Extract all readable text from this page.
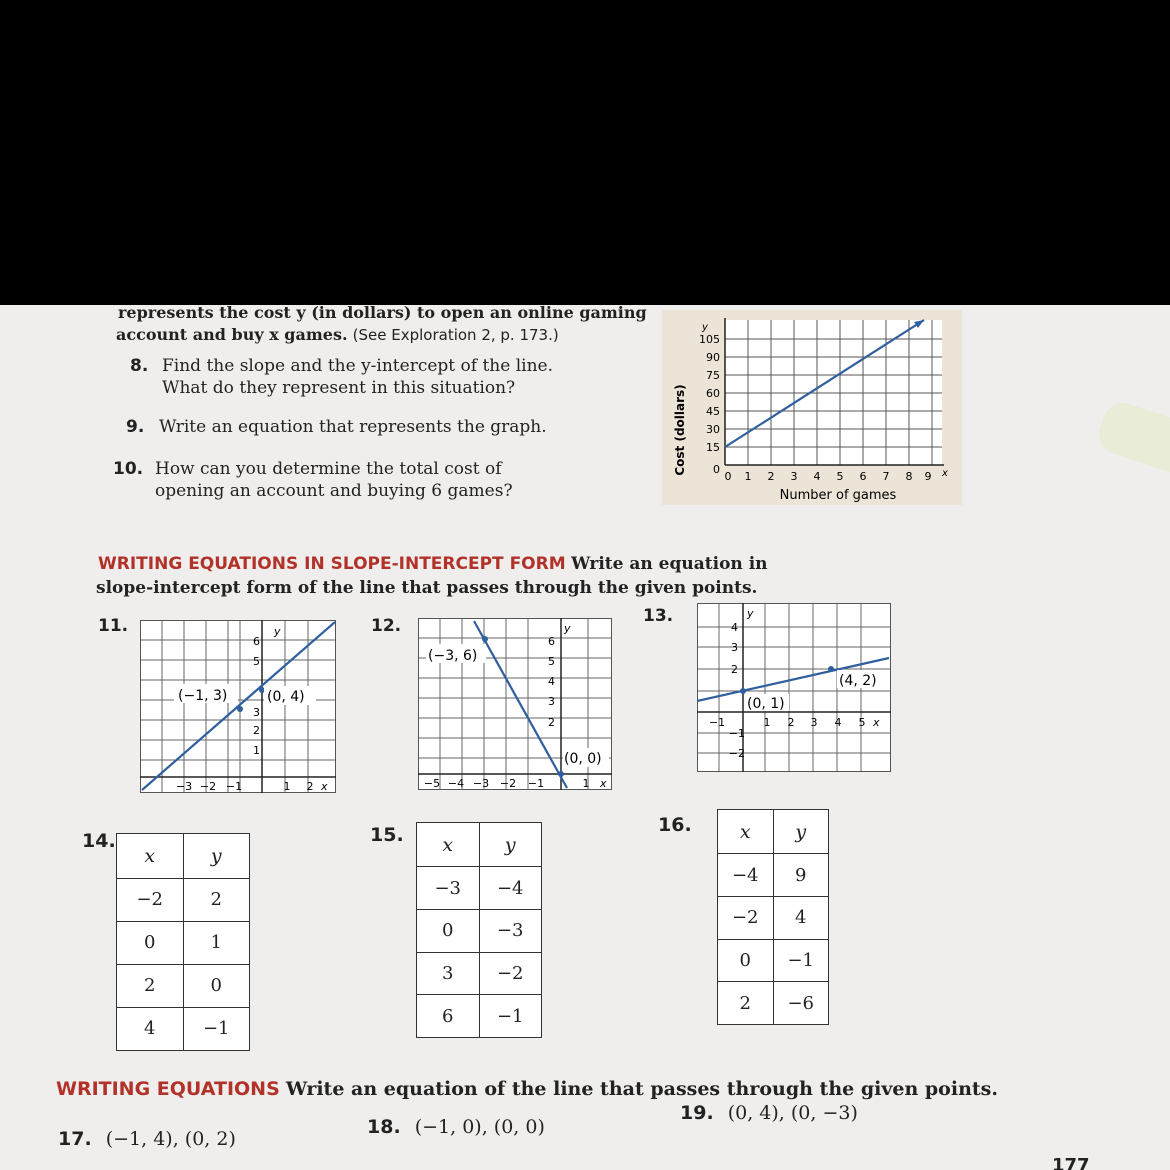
represents the cost y (in dollars) to open an online gaming
account and buy x games. (See Exploration 2, p. 173.)
8. Find the slope and the y-intercept of the line.
What do they represent in this situation?
9. Write an equation that represents the graph.
10. How can you determine the total cost of
opening an account and buying 6 games?
y
Cost (dollars) 0
15
30
45
60
75
90
105
0 1 2 3 4 5 6 7 8 9 x
Number of games
WRITING EQUATIONS IN SLOPE-INTERCEPT FORM Write an equation in
slope-intercept form of the line that passes through the given points.
11.
(−1, 3)	(0, 4)
6
5
3
2
1
−3 −2 −1	1 2
y
x
12.
(−3, 6)
(0, 0)
6
5
4
3
2
−5 −4 −3 −2 −1	1
y
x
13.
(0, 1)
(4, 2)
4
3
2
−1
−2
−1	1 2 3 4 5
y
x
14.
x	y
−2	2
0	1
2	0
4	−1
15. x	y
−3	−4
0	−3
3	−2
6	−1
16.	x	y
−4	9
−2	4
0	−1
2	−6
WRITING EQUATIONS Write an equation of the line that passes through the given points.
17. (−1, 4), (0, 2)
18. (−1, 0), (0, 0)
19. (0, 4), (0, −3)
177
